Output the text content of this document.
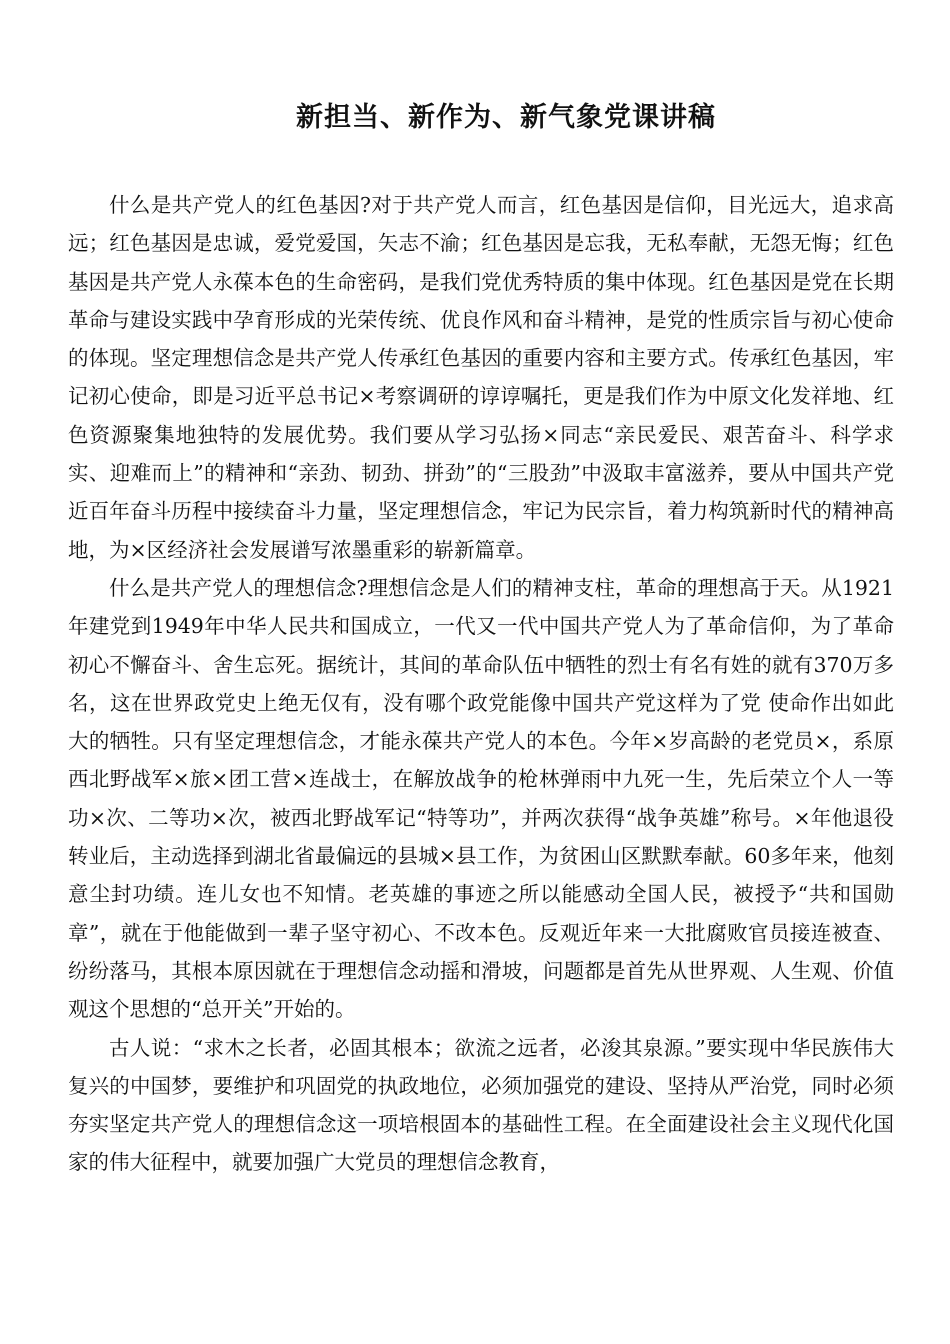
新担当、新作为、新气象党课讲稿

什么是共产党人的红色基因?对于共产党人而言，红色基因是信仰，目光远大，追求高远；红色基因是忠诚，爱党爱国，矢志不渝；红色基因是忘我，无私奉献，无怨无悔；红色基因是共产党人永葆本色的生命密码，是我们党优秀特质的集中体现。红色基因是党在长期革命与建设实践中孕育形成的光荣传统、优良作风和奋斗精神，是党的性质宗旨与初心使命的体现。坚定理想信念是共产党人传承红色基因的重要内容和主要方式。传承红色基因，牢记初心使命，即是习近平总书记×考察调研的谆谆嘱托，更是我们作为中原文化发祥地、红色资源聚集地独特的发展优势。我们要从学习弘扬×同志“亲民爱民、艰苦奋斗、科学求实、迎难而上”的精神和“亲劲、韧劲、拼劲”的“三股劲”中汲取丰富滋养，要从中国共产党近百年奋斗历程中接续奋斗力量，坚定理想信念，牢记为民宗旨，着力构筑新时代的精神高地，为×区经济社会发展谱写浓墨重彩的崭新篇章。

什么是共产党人的理想信念?理想信念是人们的精神支柱，革命的理想高于天。从1921年建党到1949年中华人民共和国成立，一代又一代中国共产党人为了革命信仰，为了革命初心不懈奋斗、舍生忘死。据统计，其间的革命队伍中牺牲的烈士有名有姓的就有370万多名，这在世界政党史上绝无仅有，没有哪个政党能像中国共产党这样为了党 使命作出如此大的牺牲。只有坚定理想信念，才能永葆共产党人的本色。今年×岁高龄的老党员×，系原西北野战军×旅×团工营×连战士，在解放战争的枪林弹雨中九死一生，先后荣立个人一等功×次、二等功×次，被西北野战军记“特等功”，并两次获得“战争英雄”称号。×年他退役转业后，主动选择到湖北省最偏远的县城×县工作，为贫困山区默默奉献。60多年来，他刻意尘封功绩。连儿女也不知情。老英雄的事迹之所以能感动全国人民，被授予“共和国勋章”，就在于他能做到一辈子坚守初心、不改本色。反观近年来一大批腐败官员接连被查、纷纷落马，其根本原因就在于理想信念动摇和滑坡，问题都是首先从世界观、人生观、价值观这个思想的“总开关”开始的。

古人说：“求木之长者，必固其根本；欲流之远者，必浚其泉源。”要实现中华民族伟大复兴的中国梦，要维护和巩固党的执政地位，必须加强党的建设、坚持从严治党，同时必须夯实坚定共产党人的理想信念这一项培根固本的基础性工程。在全面建设社会主义现代化国家的伟大征程中，就要加强广大党员的理想信念教育，
